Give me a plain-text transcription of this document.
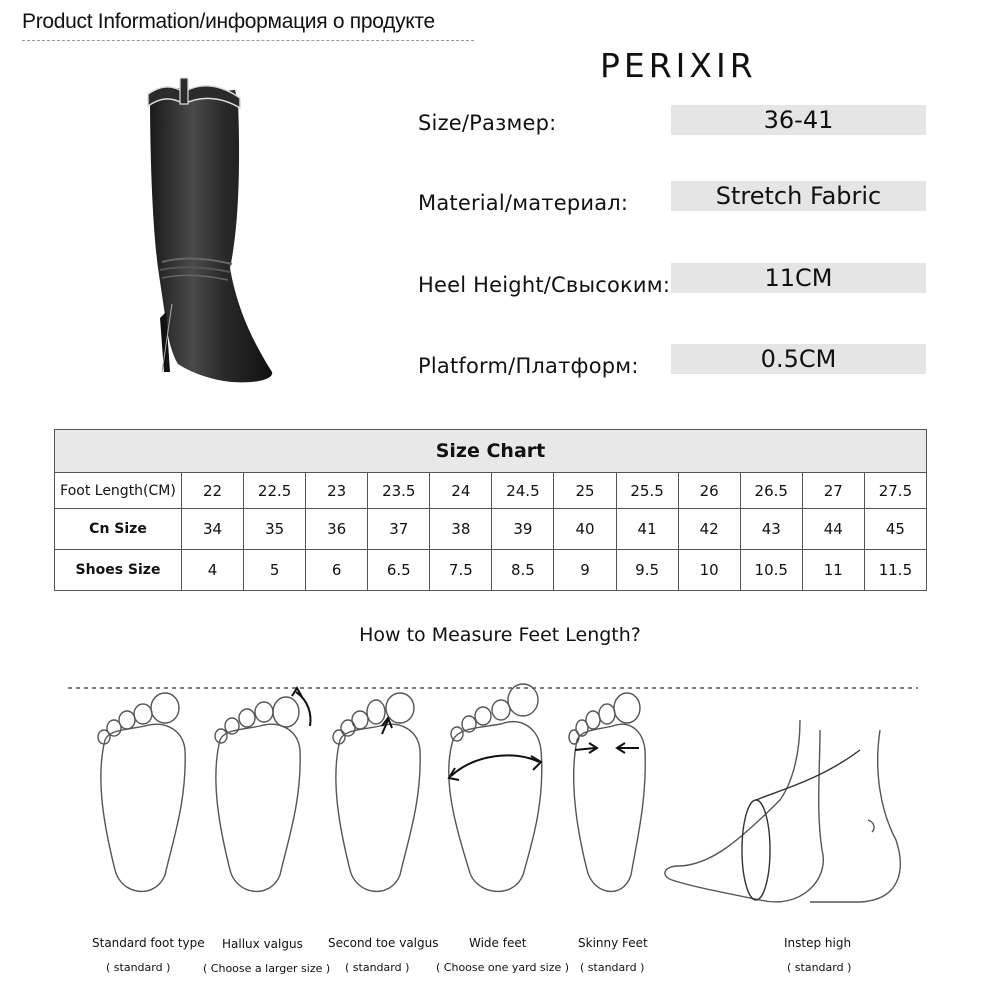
Product Information/информация о продукте
PERIXIR
Size/Размер:	36-41
Material/материал:	Stretch Fabric
Heel Height/Свысоким:	11CM
Platform/Платформ:	0.5CM
Size Chart												
Foot Length(CM)	22	22.5	23	23.5	24	24.5	25	25.5	26	26.5	27	27.5
Cn Size	34	35	36	37	38	39	40	41	42	43	44	45
Shoes Size	4	5	6	6.5	7.5	8.5	9	9.5	10	10.5	11	11.5
How to Measure Feet Length?
Standard foot type
( standard )
Hallux valgus
( Choose a larger size )
Second toe valgus
( standard )
Wide feet
( Choose one yard size )
Skinny Feet
( standard )
Instep high
( standard )
